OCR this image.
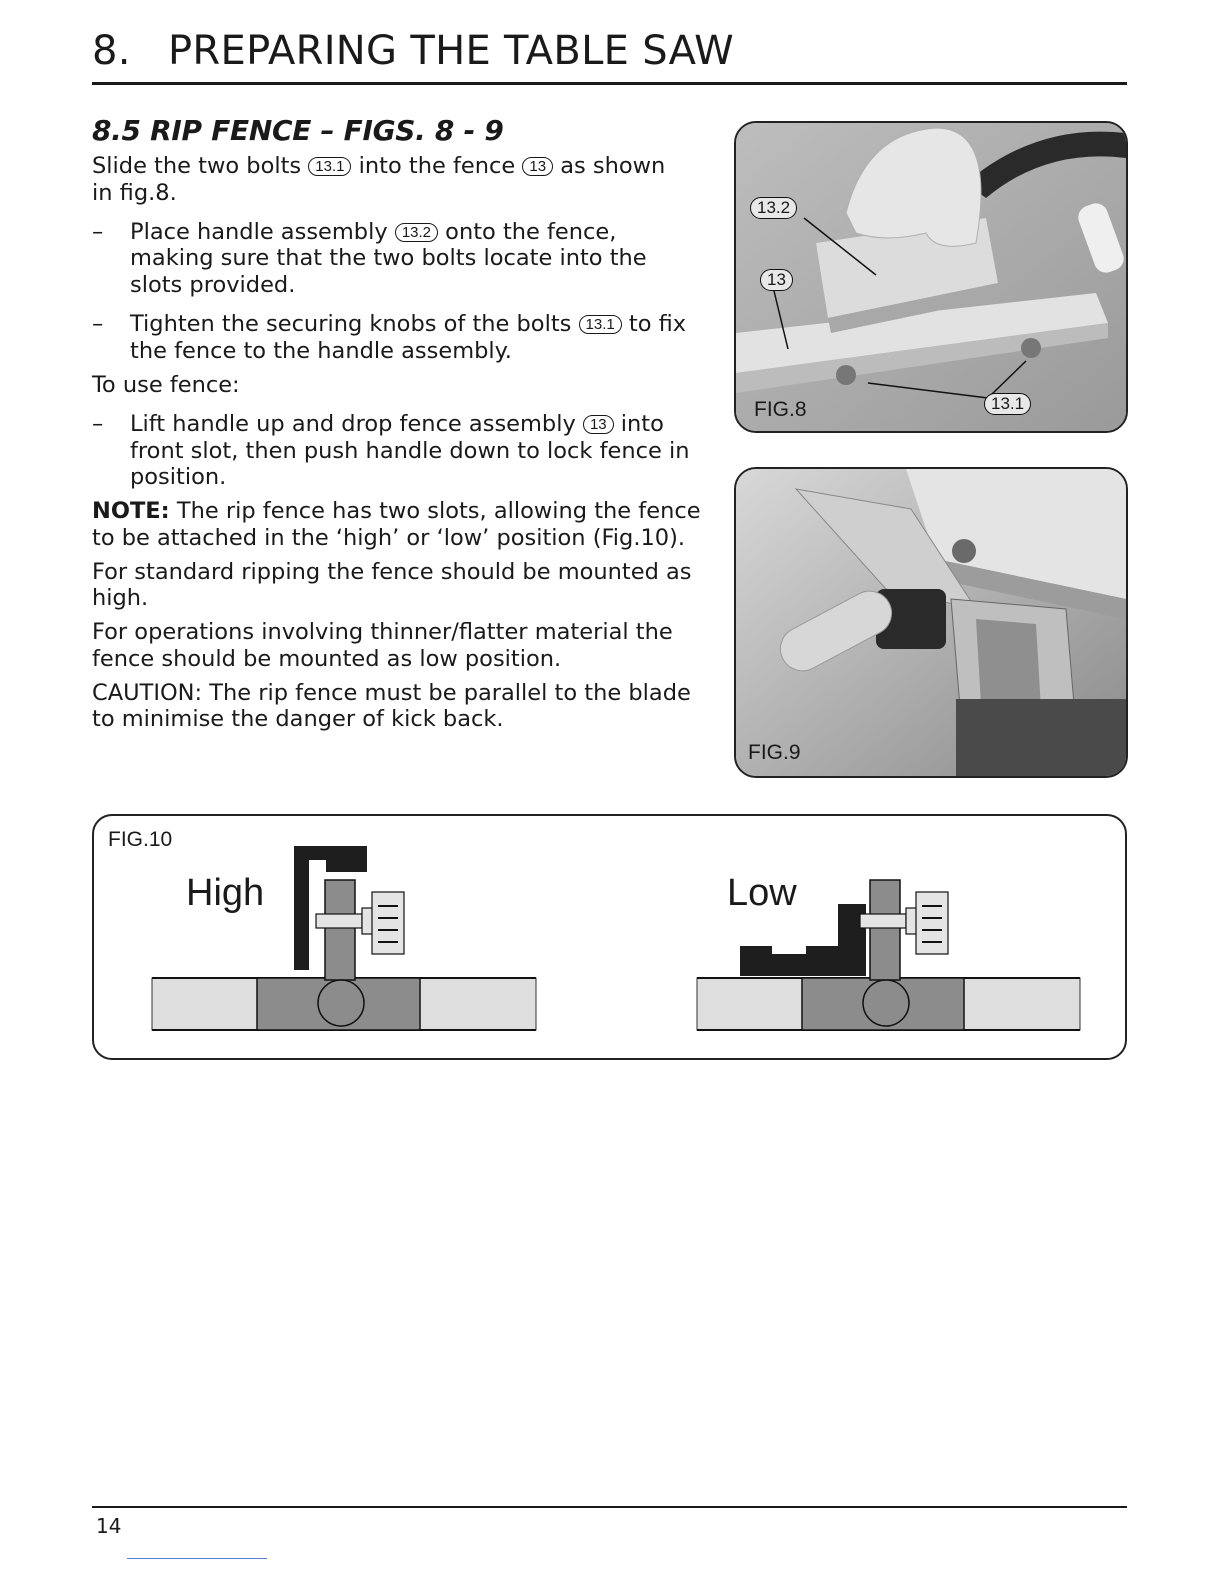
8. PREPARING THE TABLE SAW
8.5 RIP FENCE – FIGS. 8 - 9
Slide the two bolts 13.1 into the fence 13 as shown
in fig.8.
– Place handle assembly 13.2 onto the fence,
making sure that the two bolts locate into the
slots provided.
– Tighten the securing knobs of the bolts 13.1 to fix
the fence to the handle assembly.
To use fence:
– Lift handle up and drop fence assembly 13 into
front slot, then push handle down to lock fence in
position.
NOTE: The rip fence has two slots, allowing the fence
to be attached in the ‘high’ or ‘low’ position (Fig.10).
For standard ripping the fence should be mounted as
high.
For operations involving thinner/flatter material the
fence should be mounted as low position.
CAUTION: The rip fence must be parallel to the blade
to minimise the danger of kick back.
13.2
13
13.1
FIG.8
FIG.9
FIG.10
High	Low
14
